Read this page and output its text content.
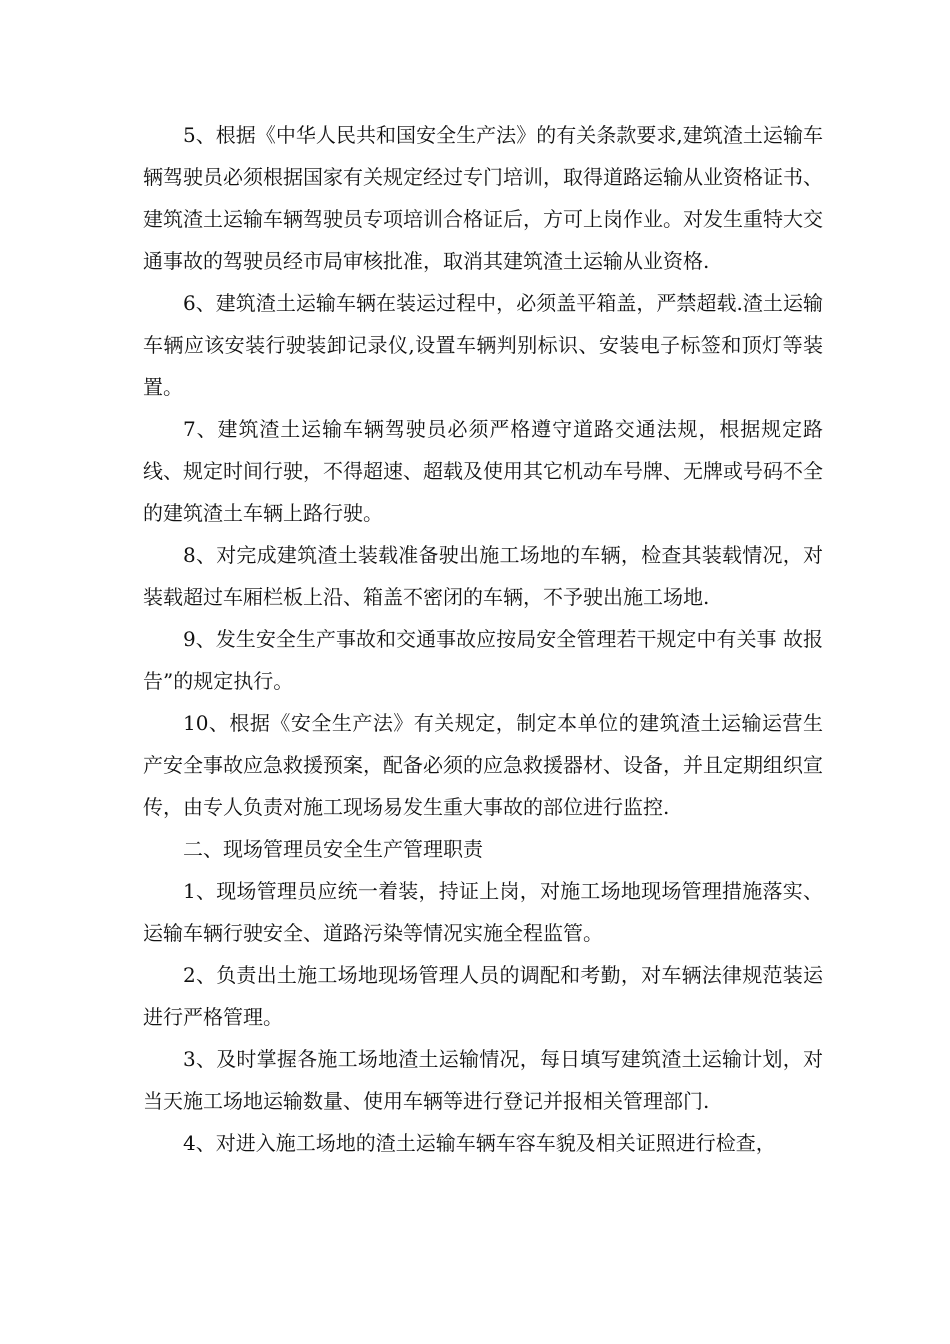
5、根据《中华人民共和国安全生产法》的有关条款要求,建筑渣土运输车辆驾驶员必须根据国家有关规定经过专门培训，取得道路运输从业资格证书、建筑渣土运输车辆驾驶员专项培训合格证后，方可上岗作业。对发生重特大交通事故的驾驶员经市局审核批准，取消其建筑渣土运输从业资格.

6、建筑渣土运输车辆在装运过程中，必须盖平箱盖，严禁超载.渣土运输车辆应该安装行驶装卸记录仪,设置车辆判别标识、安装电子标签和顶灯等装置。

7、建筑渣土运输车辆驾驶员必须严格遵守道路交通法规，根据规定路线、规定时间行驶，不得超速、超载及使用其它机动车号牌、无牌或号码不全的建筑渣土车辆上路行驶。

8、对完成建筑渣土装载准备驶出施工场地的车辆，检查其装载情况，对装载超过车厢栏板上沿、箱盖不密闭的车辆，不予驶出施工场地.

9、发生安全生产事故和交通事故应按局安全管理若干规定中有关事 故报告”的规定执行。

10、根据《安全生产法》有关规定，制定本单位的建筑渣土运输运营生产安全事故应急救援预案，配备必须的应急救援器材、设备，并且定期组织宣传，由专人负责对施工现场易发生重大事故的部位进行监控.

二、现场管理员安全生产管理职责

1、现场管理员应统一着装，持证上岗，对施工场地现场管理措施落实、运输车辆行驶安全、道路污染等情况实施全程监管。

2、负责出土施工场地现场管理人员的调配和考勤，对车辆法律规范装运进行严格管理。

3、及时掌握各施工场地渣土运输情况，每日填写建筑渣土运输计划，对当天施工场地运输数量、使用车辆等进行登记并报相关管理部门.

4、对进入施工场地的渣土运输车辆车容车貌及相关证照进行检查，
